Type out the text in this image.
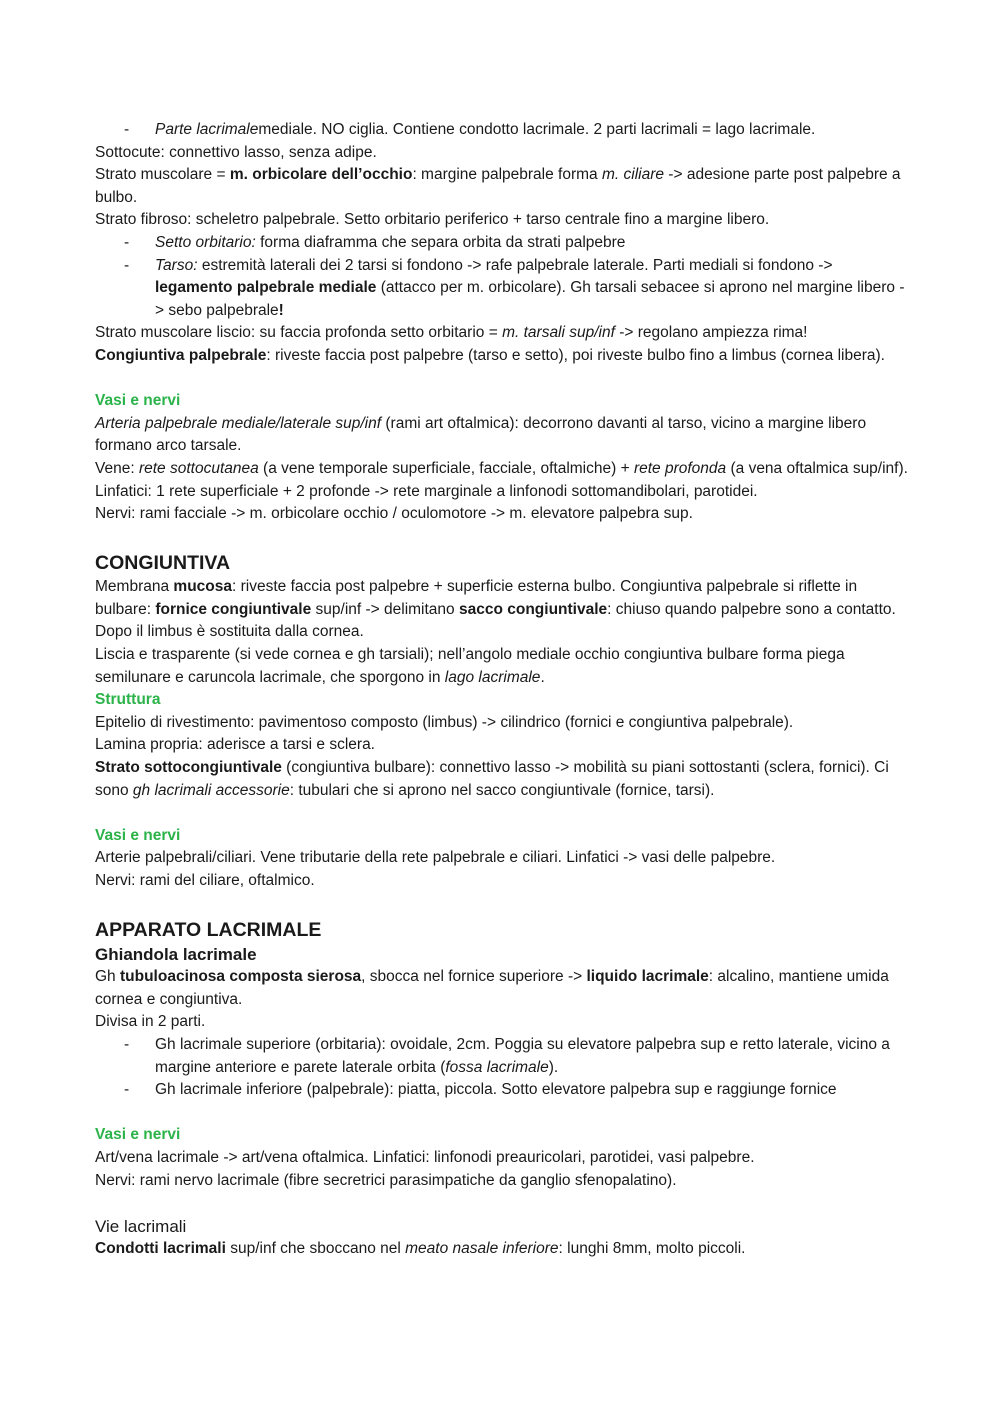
- Parte lacrimalemediale. NO ciglia. Contiene condotto lacrimale. 2 parti lacrimali = lago lacrimale.

Sottocute: connettivo lasso, senza adipe.

Strato muscolare = m. orbicolare dell’occhio: margine palpebrale forma m. ciliare -> adesione parte post palpebre a bulbo.

Strato fibroso: scheletro palpebrale. Setto orbitario periferico + tarso centrale fino a margine libero.

- Setto orbitario: forma diaframma che separa orbita da strati palpebre
- Tarso: estremità laterali dei 2 tarsi si fondono -> rafe palpebrale laterale. Parti mediali si fondono -> legamento palpebrale mediale (attacco per m. orbicolare). Gh tarsali sebacee si aprono nel margine libero -> sebo palpebrale!

Strato muscolare liscio: su faccia profonda setto orbitario = m. tarsali sup/inf -> regolano ampiezza rima!

Congiuntiva palpebrale: riveste faccia post palpebre (tarso e setto), poi riveste bulbo fino a limbus (cornea libera).

Vasi e nervi

Arteria palpebrale mediale/laterale sup/inf (rami art oftalmica): decorrono davanti al tarso, vicino a margine libero formano arco tarsale.

Vene: rete sottocutanea (a vene temporale superficiale, facciale, oftalmiche) + rete profonda (a vena oftalmica sup/inf).

Linfatici: 1 rete superficiale + 2 profonde -> rete marginale a linfonodi sottomandibolari, parotidei.

Nervi: rami facciale -> m. orbicolare occhio / oculomotore -> m. elevatore palpebra sup.

CONGIUNTIVA

Membrana mucosa: riveste faccia post palpebre + superficie esterna bulbo. Congiuntiva palpebrale si riflette in bulbare: fornice congiuntivale sup/inf -> delimitano sacco congiuntivale: chiuso quando palpebre sono a contatto. Dopo il limbus è sostituita dalla cornea.

Liscia e trasparente (si vede cornea e gh tarsiali); nell’angolo mediale occhio congiuntiva bulbare forma piega semilunare e caruncola lacrimale, che sporgono in lago lacrimale.

Struttura

Epitelio di rivestimento: pavimentoso composto (limbus) -> cilindrico (fornici e congiuntiva palpebrale).

Lamina propria: aderisce a tarsi e sclera.

Strato sottocongiuntivale (congiuntiva bulbare): connettivo lasso -> mobilità su piani sottostanti (sclera, fornici). Ci sono gh lacrimali accessorie: tubulari che si aprono nel sacco congiuntivale (fornice, tarsi).

Vasi e nervi

Arterie palpebrali/ciliari. Vene tributarie della rete palpebrale e ciliari. Linfatici -> vasi delle palpebre.

Nervi: rami del ciliare, oftalmico.

APPARATO LACRIMALE
Ghiandola lacrimale

Gh tubuloacinosa composta sierosa, sbocca nel fornice superiore -> liquido lacrimale: alcalino, mantiene umida cornea e congiuntiva.

Divisa in 2 parti.

- Gh lacrimale superiore (orbitaria): ovoidale, 2cm. Poggia su elevatore palpebra sup e retto laterale, vicino a margine anteriore e parete laterale orbita (fossa lacrimale).
- Gh lacrimale inferiore (palpebrale): piatta, piccola. Sotto elevatore palpebra sup e raggiunge fornice
Vasi e nervi

Art/vena lacrimale -> art/vena oftalmica. Linfatici: linfonodi preauricolari, parotidei, vasi palpebre.

Nervi: rami nervo lacrimale (fibre secretrici parasimpatiche da ganglio sfenopalatino).

Vie lacrimali

Condotti lacrimali sup/inf che sboccano nel meato nasale inferiore: lunghi 8mm, molto piccoli.
